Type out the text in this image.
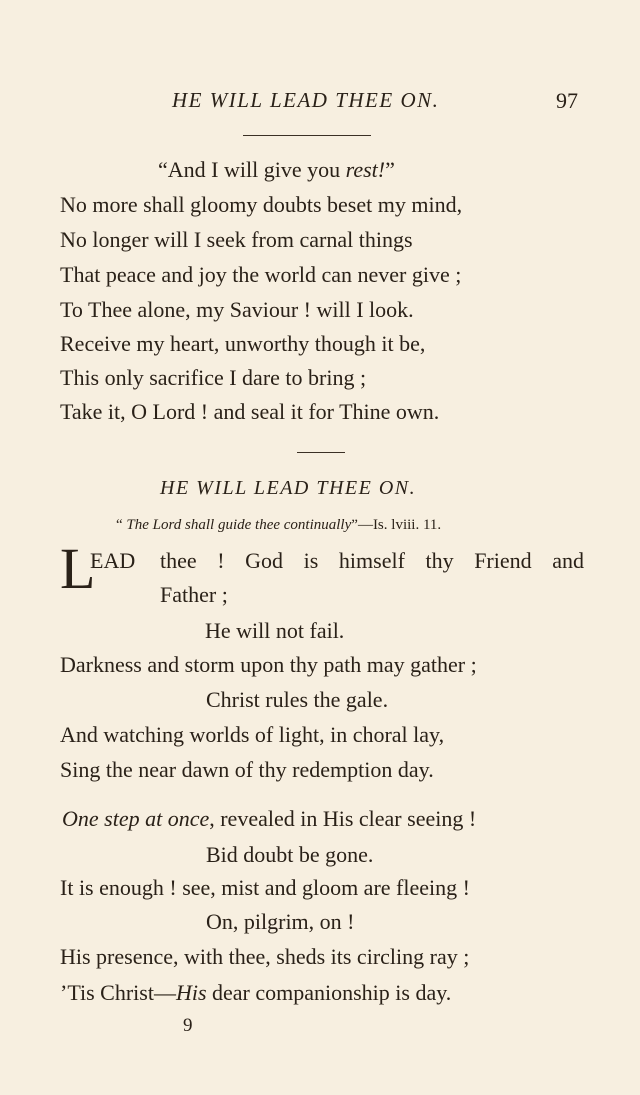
HE WILL LEAD THEE ON.	97
“And I will give you rest!”
No more shall gloomy doubts beset my mind,
No longer will I seek from carnal things
That peace and joy the world can never give ;
To Thee alone, my Saviour ! will I look.
Receive my heart, unworthy though it be,
This only sacrifice I dare to bring ;
Take it, O Lord ! and seal it for Thine own.
HE WILL LEAD THEE ON.
“ The Lord shall guide thee continually”—Is. lviii. 11.
L
EAD thee ! God is himself thy Friend and
Father ;
He will not fail.
Darkness and storm upon thy path may gather ;
Christ rules the gale.
And watching worlds of light, in choral lay,
Sing the near dawn of thy redemption day.
One step at once, revealed in His clear seeing !
Bid doubt be gone.
It is enough ! see, mist and gloom are fleeing !
On, pilgrim, on !
His presence, with thee, sheds its circling ray ;
’Tis Christ—His dear companionship is day.
9
